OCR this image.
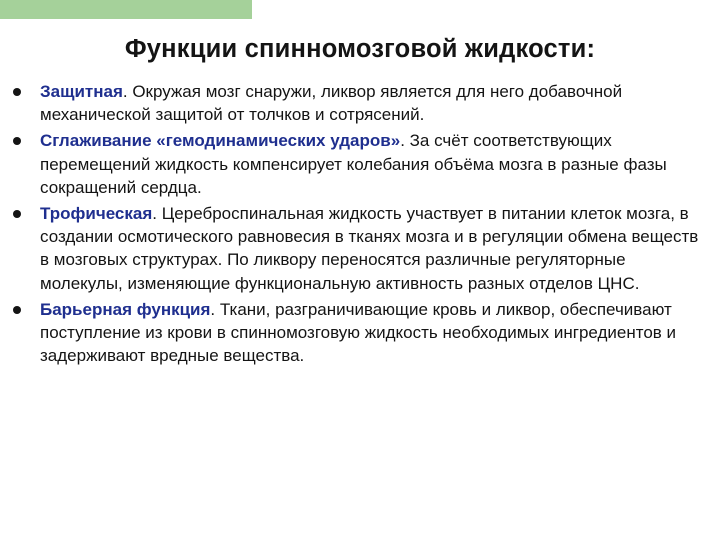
Функции спинномозговой жидкости:
Защитная. Окружая мозг снаружи, ликвор является для него добавочной механической защитой от толчков и сотрясений.
Сглаживание «гемодинамических ударов». За счёт соответствующих перемещений жидкость компенсирует колебания объёма мозга в разные фазы сокращений сердца.
Трофическая. Цереброспинальная жидкость участвует в питании клеток мозга, в создании осмотического равновесия в тканях мозга и в регуляции обмена веществ в мозговых структурах. По ликвору переносятся различные регуляторные молекулы, изменяющие функциональную активность разных отделов ЦНС.
Барьерная функция. Ткани, разграничивающие кровь и ликвор, обеспечивают поступление из крови в спинномозговую жидкость необходимых ингредиентов и задерживают вредные вещества.
